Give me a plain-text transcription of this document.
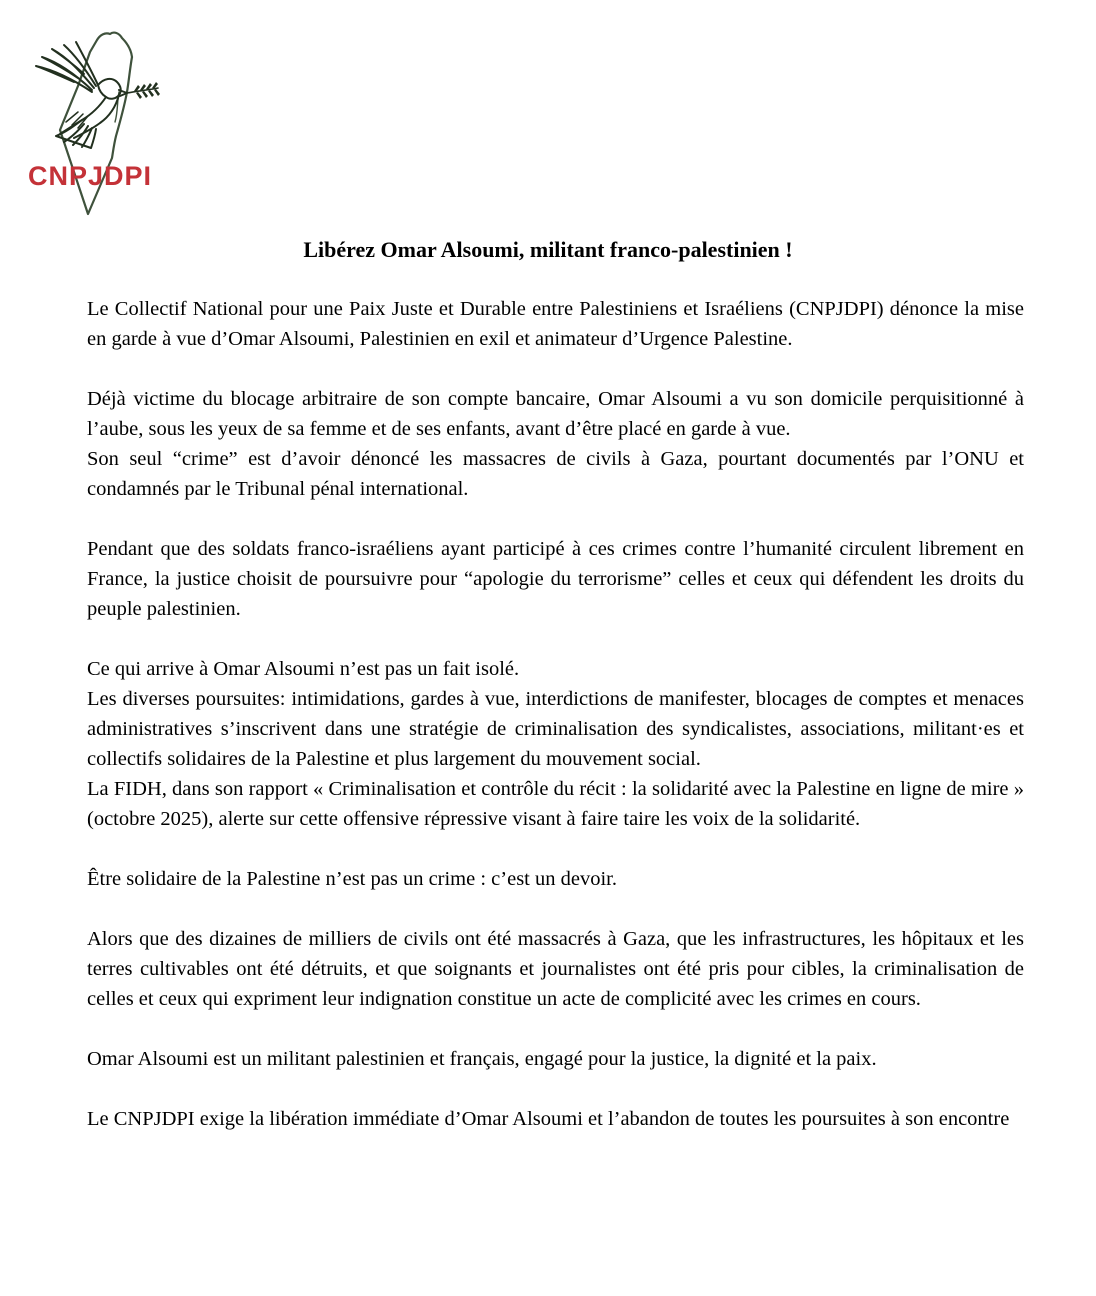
CNPJDPI
Libérez Omar Alsoumi, militant franco-palestinien !

Le Collectif National pour une Paix Juste et Durable entre Palestiniens et Israéliens (CNPJDPI) dénonce la mise en garde à vue d’Omar Alsoumi, Palestinien en exil et animateur d’Urgence Palestine.

Déjà victime du blocage arbitraire de son compte bancaire, Omar Alsoumi a vu son domicile perquisitionné à l’aube, sous les yeux de sa femme et de ses enfants, avant d’être placé en garde à vue.

Son seul “crime” est d’avoir dénoncé les massacres de civils à Gaza, pourtant documentés par l’ONU et condamnés par le Tribunal pénal international.

Pendant que des soldats franco-israéliens ayant participé à ces crimes contre l’humanité circulent librement en France, la justice choisit de poursuivre pour “apologie du terrorisme” celles et ceux qui défendent les droits du peuple palestinien.

Ce qui arrive à Omar Alsoumi n’est pas un fait isolé.

Les diverses poursuites: intimidations, gardes à vue, interdictions de manifester, blocages de comptes et menaces administratives s’inscrivent dans une stratégie de criminalisation des syndicalistes, associations, militant·es et collectifs solidaires de la Palestine et plus largement du mouvement social.

La FIDH, dans son rapport « Criminalisation et contrôle du récit : la solidarité avec la Palestine en ligne de mire » (octobre 2025), alerte sur cette offensive répressive visant à faire taire les voix de la solidarité.

Être solidaire de la Palestine n’est pas un crime : c’est un devoir.

Alors que des dizaines de milliers de civils ont été massacrés à Gaza, que les infrastructures, les hôpitaux et les terres cultivables ont été détruits, et que soignants et journalistes ont été pris pour cibles, la criminalisation de celles et ceux qui expriment leur indignation constitue un acte de complicité avec les crimes en cours.

Omar Alsoumi est un militant palestinien et français, engagé pour la justice, la dignité et la paix.

Le CNPJDPI exige la libération immédiate d’Omar Alsoumi et l’abandon de toutes les poursuites à son encontre
